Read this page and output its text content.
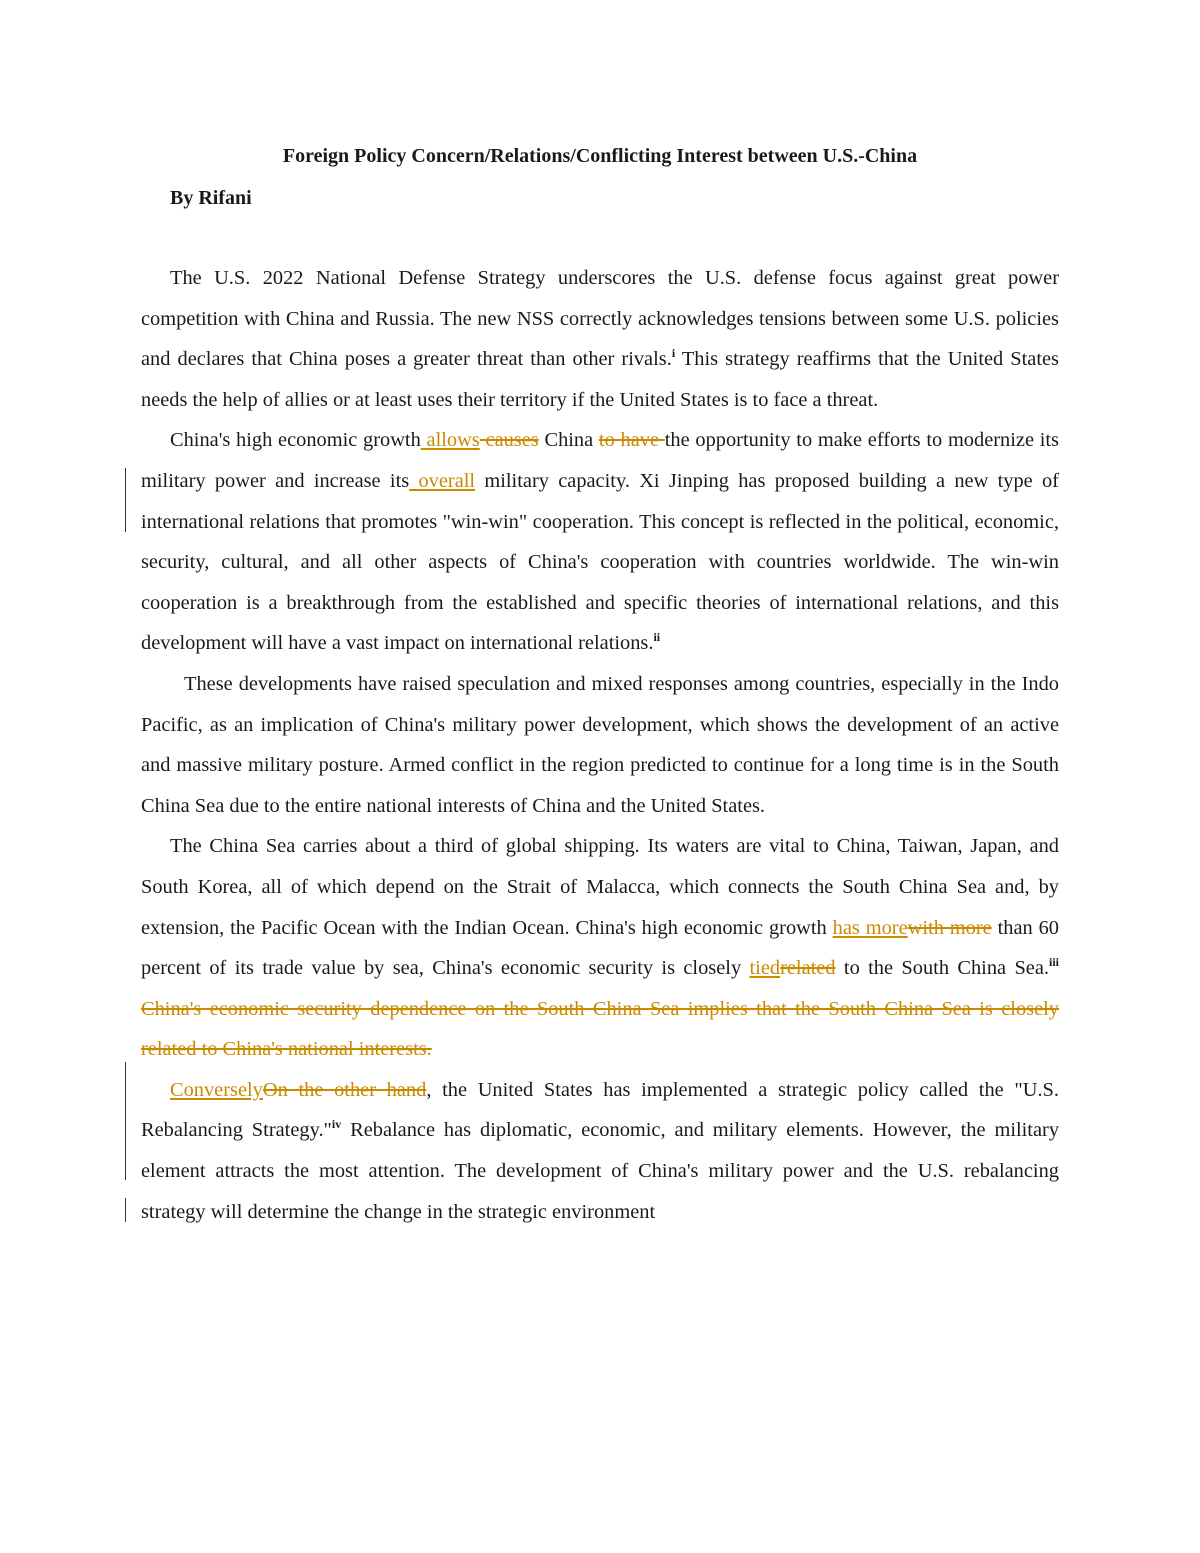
Foreign Policy Concern/Relations/Conflicting Interest between U.S.-China
By Rifani

The U.S. 2022 National Defense Strategy underscores the U.S. defense focus against great power competition with China and Russia. The new NSS correctly acknowledges tensions between some U.S. policies and declares that China poses a greater threat than other rivals.$^i$ This strategy reaffirms that the United States needs the help of allies or at least uses their territory if the United States is to face a threat.

China's high economic growth allows causes China to have the opportunity to make efforts to modernize its military power and increase its overall military capacity. Xi Jinping has proposed building a new type of international relations that promotes "win-win" cooperation. This concept is reflected in the political, economic, security, cultural, and all other aspects of China's cooperation with countries worldwide. The win-win cooperation is a breakthrough from the established and specific theories of international relations, and this development will have a vast impact on international relations.$^{ii}$

These developments have raised speculation and mixed responses among countries, especially in the Indo Pacific, as an implication of China's military power development, which shows the development of an active and massive military posture. Armed conflict in the region predicted to continue for a long time is in the South China Sea due to the entire national interests of China and the United States.

The China Sea carries about a third of global shipping. Its waters are vital to China, Taiwan, Japan, and South Korea, all of which depend on the Strait of Malacca, which connects the South China Sea and, by extension, the Pacific Ocean with the Indian Ocean. China's high economic growth has morewith more than 60 percent of its trade value by sea, China's economic security is closely tiedrelated to the South China Sea.$^{iii}$ China's economic security dependence on the South China Sea implies that the South China Sea is closely related to China's national interests.

ConverselyOn the other hand, the United States has implemented a strategic policy called the "U.S. Rebalancing Strategy."$^{iv}$ Rebalance has diplomatic, economic, and military elements. However, the military element attracts the most attention. The development of China's military power and the U.S. rebalancing strategy will determine the change in the strategic environment
